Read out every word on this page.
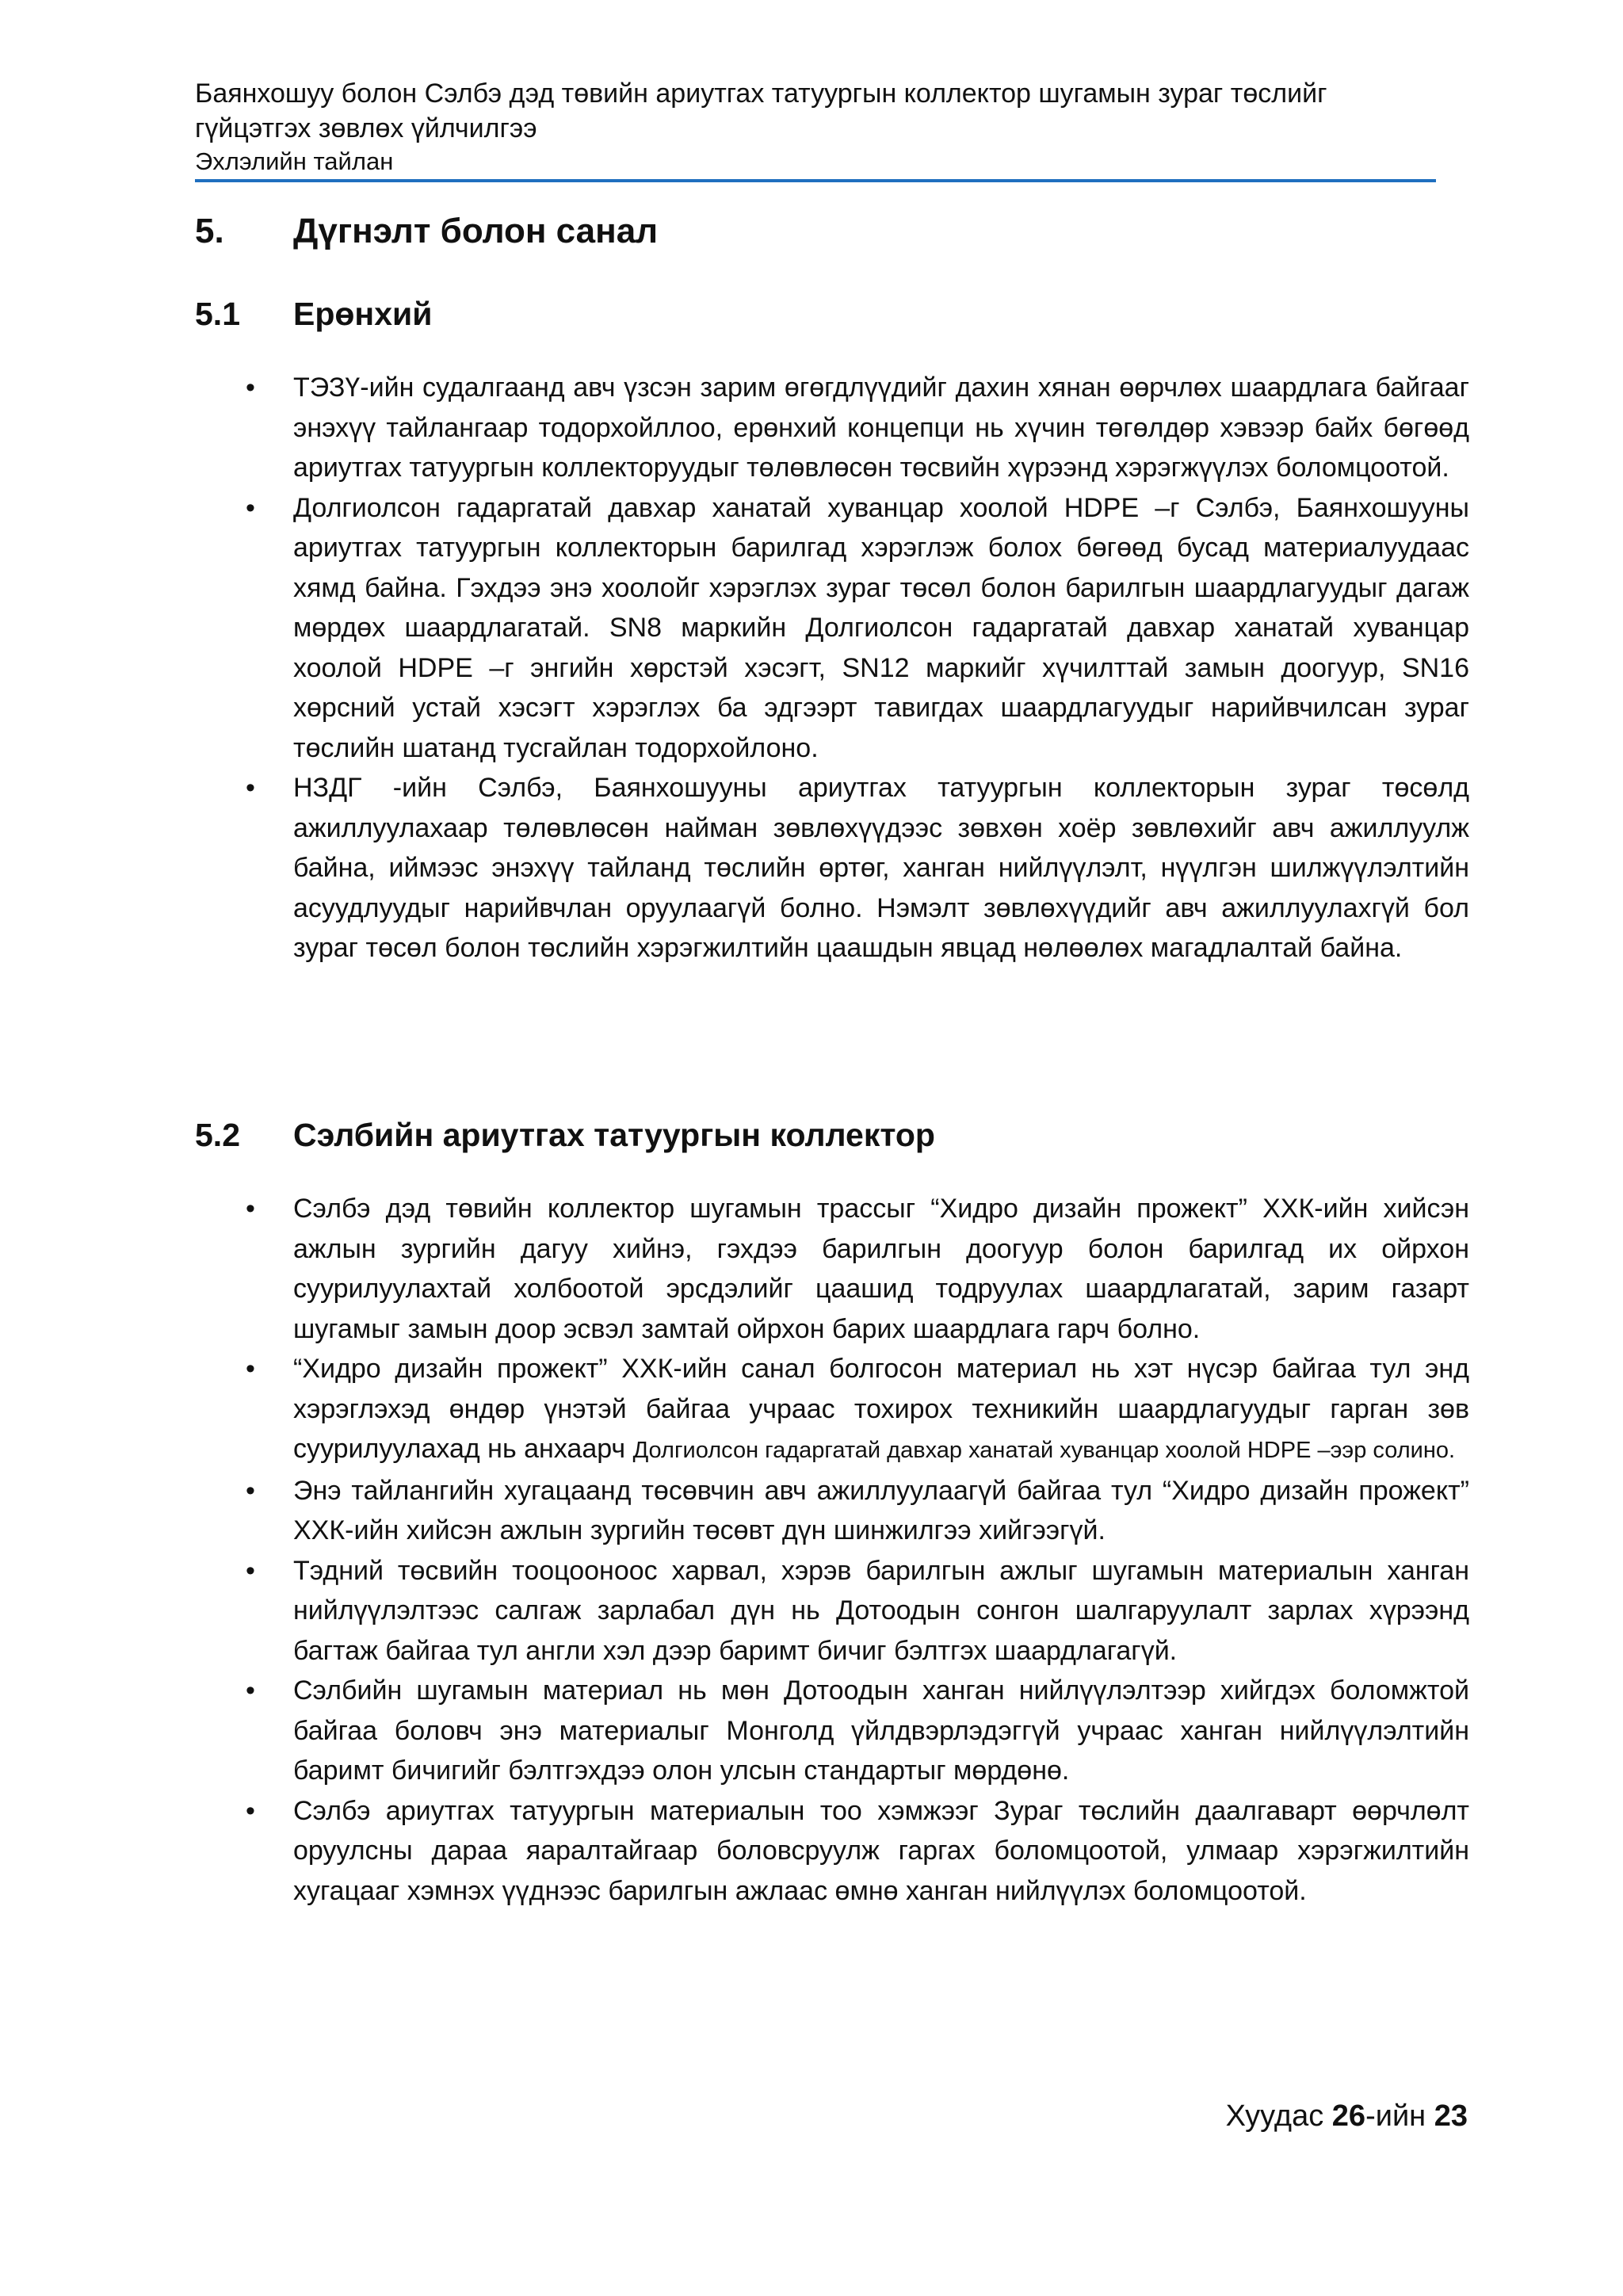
Баянхошуу болон Сэлбэ дэд төвийн ариутгах татуургын коллектор шугамын зураг төслийг
гүйцэтгэх зөвлөх үйлчилгээ
Эхлэлийн тайлан
5. Дүгнэлт болон санал
5.1 Ерөнхий
• ТЭЗҮ-ийн судалгаанд авч үзсэн зарим өгөгдлүүдийг дахин хянан өөрчлөх шаардлага байгааг энэхүү тайлангаар тодорхойллоо, ерөнхий концепци нь хүчин төгөлдөр хэвээр байх бөгөөд ариутгах татуургын коллекторуудыг төлөвлөсөн төсвийн хүрээнд хэрэгжүүлэх боломцоотой.
• Долгиолсон гадаргатай давхар ханатай хуванцар хоолой HDPE –г Сэлбэ, Баянхошууны ариутгах татуургын коллекторын барилгад хэрэглэж болох бөгөөд бусад материалуудаас хямд байна. Гэхдээ энэ хоолойг хэрэглэх зураг төсөл болон барилгын шаардлагуудыг дагаж мөрдөх шаардлагатай. SN8 маркийн Долгиолсон гадаргатай давхар ханатай хуванцар хоолой HDPE –г энгийн хөрстэй хэсэгт, SN12 маркийг хүчилттай замын доогуур, SN16 хөрсний устай хэсэгт хэрэглэх ба эдгээрт тавигдах шаардлагуудыг нарийвчилсан зураг төслийн шатанд тусгайлан тодорхойлоно.
• НЗДГ -ийн Сэлбэ, Баянхошууны ариутгах татуургын коллекторын зураг төсөлд ажиллуулахаар төлөвлөсөн найман зөвлөхүүдээс зөвхөн хоёр зөвлөхийг авч ажиллуулж байна, иймээс энэхүү тайланд төслийн өртөг, ханган нийлүүлэлт, нүүлгэн шилжүүлэлтийн асуудлуудыг нарийвчлан оруулаагүй болно. Нэмэлт зөвлөхүүдийг авч ажиллуулахгүй бол зураг төсөл болон төслийн хэрэгжилтийн цаашдын явцад нөлөөлөх магадлалтай байна.
5.2 Сэлбийн ариутгах татуургын коллектор
• Сэлбэ дэд төвийн коллектор шугамын трассыг “Хидро дизайн прожект” ХХК-ийн хийсэн ажлын зургийн дагуу хийнэ, гэхдээ барилгын доогуур болон барилгад их ойрхон суурилуулахтай холбоотой эрсдэлийг цаашид тодруулах шаардлагатай, зарим газарт шугамыг замын доор эсвэл замтай ойрхон барих шаардлага гарч болно.
• “Хидро дизайн прожект” ХХК-ийн санал болгосон материал нь хэт нүсэр байгаа тул энд хэрэглэхэд өндөр үнэтэй байгаа учраас тохирох техникийн шаардлагуудыг гарган зөв суурилуулахад нь анхаарч Долгиолсон гадаргатай давхар ханатай хуванцар хоолой HDPE –ээр солино.
• Энэ тайлангийн хугацаанд төсөвчин авч ажиллуулаагүй байгаа тул “Хидро дизайн прожект” ХХК-ийн хийсэн ажлын зургийн төсөвт дүн шинжилгээ хийгээгүй.
• Тэдний төсвийн тооцооноос харвал, хэрэв барилгын ажлыг шугамын материалын ханган нийлүүлэлтээс салгаж зарлабал дүн нь Дотоодын сонгон шалгаруулалт зарлах хүрээнд багтаж байгаа тул англи хэл дээр баримт бичиг бэлтгэх шаардлагагүй.
• Сэлбийн шугамын материал нь мөн Дотоодын ханган нийлүүлэлтээр хийгдэх боломжтой байгаа боловч энэ материалыг Монголд үйлдвэрлэдэггүй учраас ханган нийлүүлэлтийн баримт бичигийг бэлтгэхдээ олон улсын стандартыг мөрдөнө.
• Сэлбэ ариутгах татуургын материалын тоо хэмжээг Зураг төслийн даалгаварт өөрчлөлт оруулсны дараа яаралтайгаар боловсруулж гаргах боломцоотой, улмаар хэрэгжилтийн хугацааг хэмнэх үүднээс барилгын ажлаас өмнө ханган нийлүүлэх боломцоотой.
Хуудас 26-ийн 23
